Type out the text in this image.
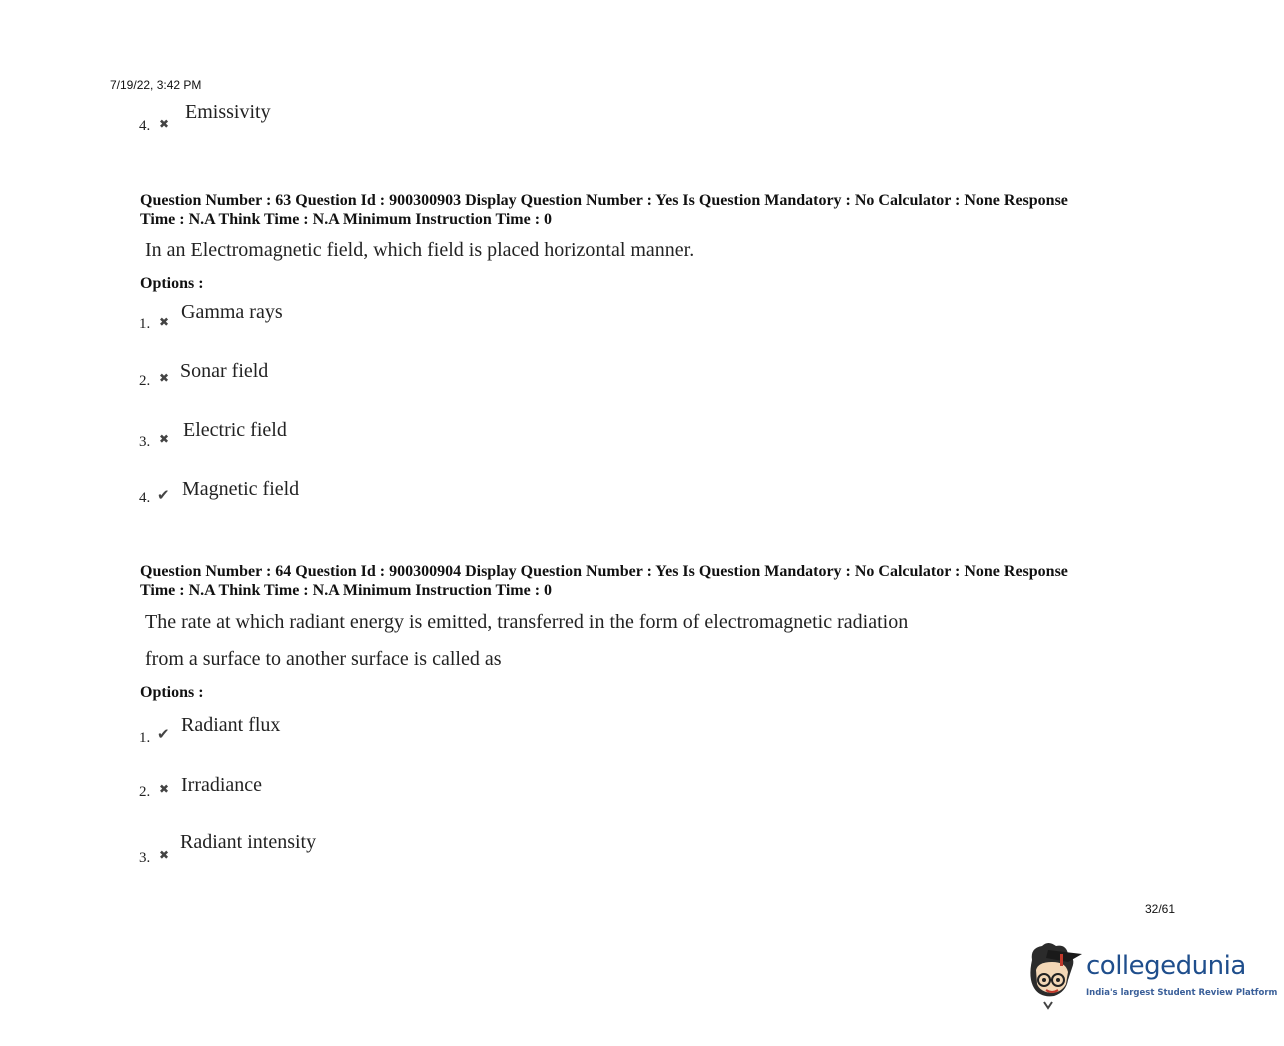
7/19/22, 3:42 PM
4. ✖
Emissivity
Question Number : 63 Question Id : 900300903 Display Question Number : Yes Is Question Mandatory : No Calculator : None Response
Time : N.A Think Time : N.A Minimum Instruction Time : 0
In an Electromagnetic field, which field is placed horizontal manner.
Options :
1. ✖ Gamma rays
2. ✖ Sonar field
3. ✖ Electric field
4. ✔ Magnetic field
Question Number : 64 Question Id : 900300904 Display Question Number : Yes Is Question Mandatory : No Calculator : None Response
Time : N.A Think Time : N.A Minimum Instruction Time : 0
The rate at which radiant energy is emitted, transferred in the form of electromagnetic radiation
from a surface to another surface is called as
Options :
1. ✔ Radiant flux
2. ✖ Irradiance
3. ✖
Radiant intensity
32/61
collegedunia
India's largest Student Review Platform
